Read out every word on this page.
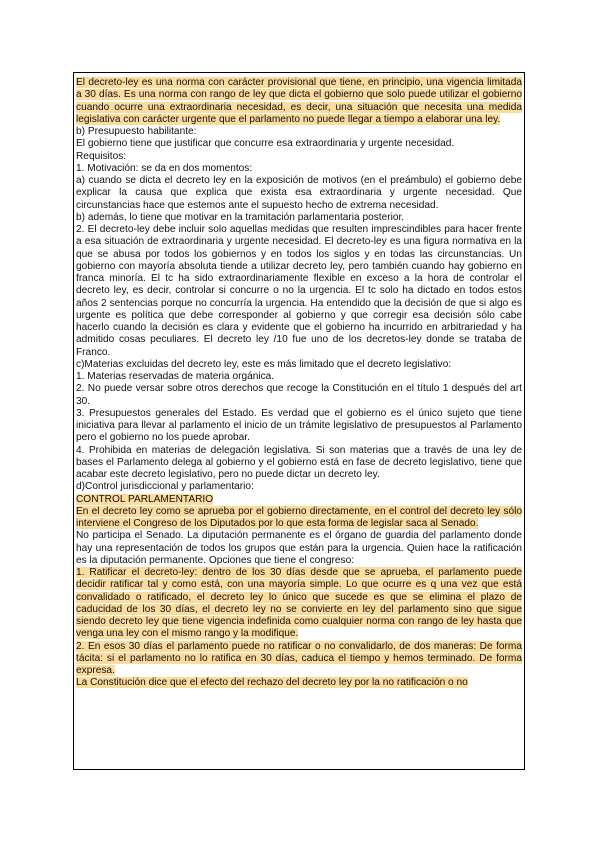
El decreto-ley es una norma con carácter provisional que tiene, en principio, una vigencia limitada a 30 días. Es una norma con rango de ley que dicta el gobierno que solo puede utilizar el gobierno cuando ocurre una extraordinaria necesidad, es decir, una situación que necesita una medida legislativa con carácter urgente que el parlamento no puede llegar a tiempo a elaborar una ley.

b) Presupuesto habilitante:

El gobierno tiene que justificar que concurre esa extraordinaria y urgente necesidad.

Requisitos:

1. Motivación: se da en dos momentos:

a) cuando se dicta el decreto ley en la exposición de motivos (en el preámbulo) el gobierno debe explicar la causa que explica que exista esa extraordinaria y urgente necesidad. Que circunstancias hace que estemos ante el supuesto hecho de extrema necesidad.

b) además, lo tiene que motivar en la tramitación parlamentaria posterior.

2. El decreto-ley debe incluir solo aquellas medidas que resulten imprescindibles para hacer frente a esa situación de extraordinaria y urgente necesidad. El decreto-ley es una figura normativa en la que se abusa por todos los gobiernos y en todos los siglos y en todas las circunstancias. Un gobierno con mayoría absoluta tiende a utilizar decreto ley, pero también cuando hay gobierno en franca minoría. El tc ha sido extraordinariamente flexible en exceso a la hora de controlar el decreto ley, es decir, controlar si concurre o no la urgencia. El tc solo ha dictado en todos estos años 2 sentencias porque no concurría la urgencia. Ha entendido que la decisión de que si algo es urgente es política que debe corresponder al gobierno y que corregir esa decisión sólo cabe hacerlo cuando la decisión es clara y evidente que el gobierno ha incurrido en arbitrariedad y ha admitido cosas peculiares. El decreto ley /10 fue uno de los decretos-ley donde se trataba de Franco.

c)Materias excluidas del decreto ley, este es más limitado que el decreto legislativo:

1. Materias reservadas de materia orgánica.

2. No puede versar sobre otros derechos que recoge la Constitución en el título 1 después del art 30.

3. Presupuestos generales del Estado. Es verdad que el gobierno es el único sujeto que tiene iniciativa para llevar al parlamento el inicio de un trámite legislativo de presupuestos al Parlamento pero el gobierno no los puede aprobar.

4. Prohibida en materias de delegación legislativa. Si son materias que a través de una ley de bases el Parlamento delega al gobierno y el gobierno está en fase de decreto legislativo, tiene que acabar este decreto legislativo, pero no puede dictar un decreto ley.

d)Control jurisdiccional y parlamentario:

CONTROL PARLAMENTARIO

En el decreto ley como se aprueba por el gobierno directamente, en el control del decreto ley sólo interviene el Congreso de los Diputados por lo que esta forma de legislar saca al Senado.

No participa el Senado. La diputación permanente es el órgano de guardia del parlamento donde hay una representación de todos los grupos que están para la urgencia. Quien hace la ratificación es la diputación permanente. Opciones que tiene el congreso:

1. Ratificar el decreto-ley: dentro de los 30 días desde que se aprueba, el parlamento puede decidir ratificar tal y como está, con una mayoría simple. Lo que ocurre es q una vez que está convalidado o ratificado, el decreto ley lo único que sucede es que se elimina el plazo de caducidad de los 30 días, el decreto ley no se convierte en ley del parlamento sino que sigue siendo decreto ley que tiene vigencia indefinida como cualquier norma con rango de ley hasta que venga una ley con el mismo rango y la modifique.

2. En esos 30 días el parlamento puede no ratificar o no convalidarlo, de dos maneras: De forma tácita: si el parlamento no lo ratifica en 30 días, caduca el tiempo y hemos terminado. De forma expresa.

La Constitución dice que el efecto del rechazo del decreto ley por la no ratificación o no
